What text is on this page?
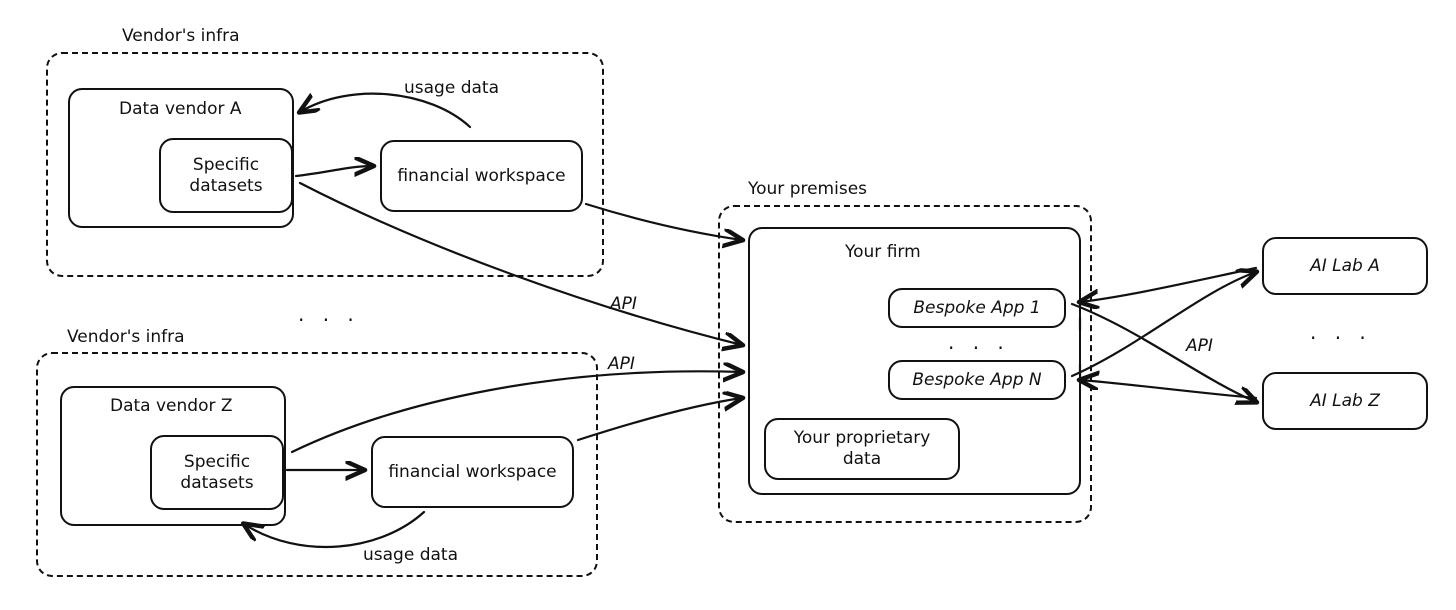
Vendor's infra
Data vendor A
Specific
datasets	financial workspace
usage data
API
. . .
Vendor's infra
Data vendor Z
Specific
datasets
financial workspace
usage data
API
Your premises
Your firm
Bespoke App 1
. . .
Bespoke App N
Your proprietary
data
AI Lab A
. . .
AI Lab Z
API
